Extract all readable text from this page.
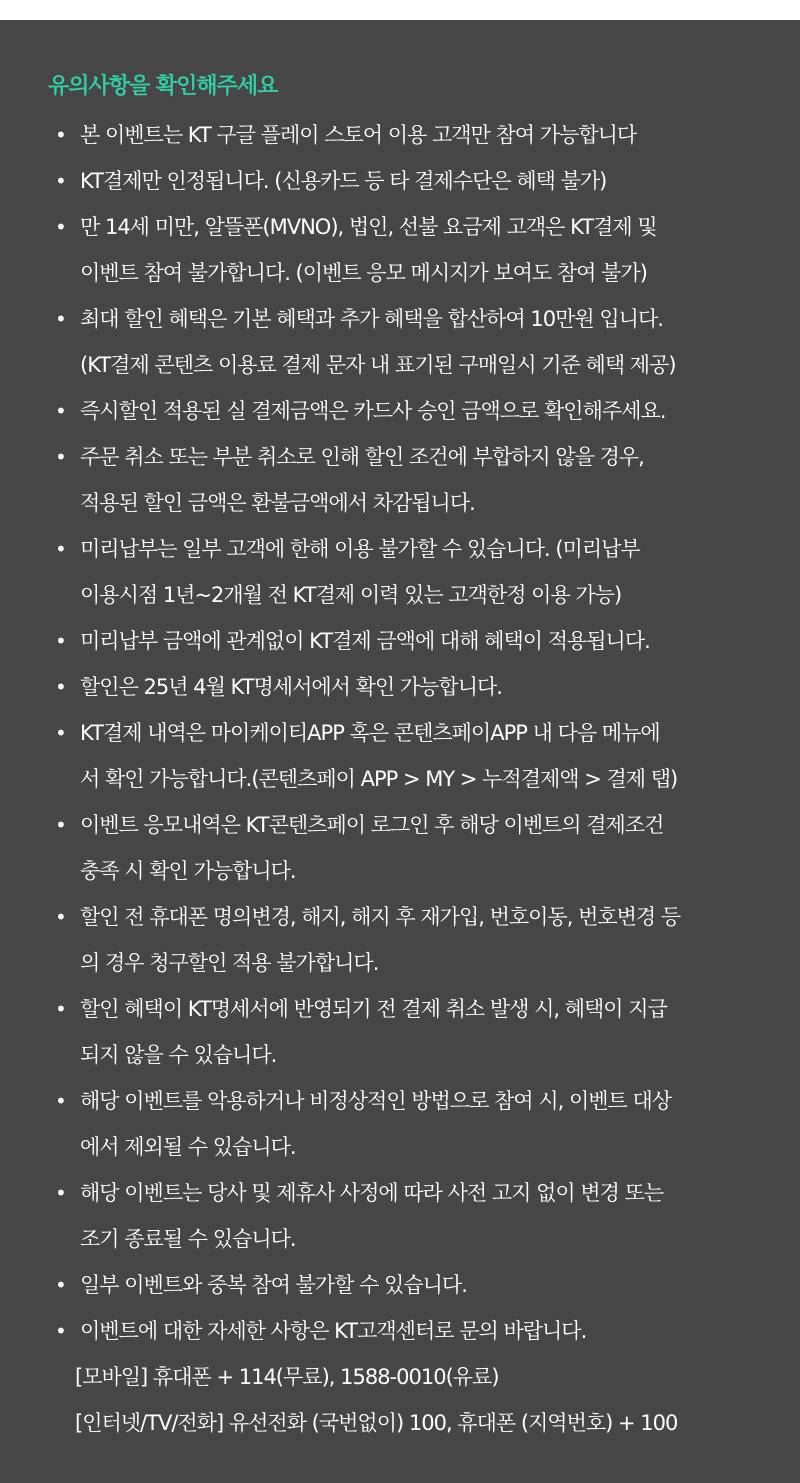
유의사항을 확인해주세요
• 본 이벤트는 KT 구글 플레이 스토어 이용 고객만 참여 가능합니다
• KT결제만 인정됩니다. (신용카드 등 타 결제수단은 혜택 불가)
• 만 14세 미만, 알뜰폰(MVNO), 법인, 선불 요금제 고객은 KT결제 및
이벤트 참여 불가합니다. (이벤트 응모 메시지가 보여도 참여 불가)
• 최대 할인 혜택은 기본 혜택과 추가 혜택을 합산하여 10만원 입니다.
(KT결제 콘텐츠 이용료 결제 문자 내 표기된 구매일시 기준 혜택 제공)
• 즉시할인 적용된 실 결제금액은 카드사 승인 금액으로 확인해주세요.
• 주문 취소 또는 부분 취소로 인해 할인 조건에 부합하지 않을 경우,
적용된 할인 금액은 환불금액에서 차감됩니다.
• 미리납부는 일부 고객에 한해 이용 불가할 수 있습니다. (미리납부
이용시점 1년~2개월 전 KT결제 이력 있는 고객한정 이용 가능)
• 미리납부 금액에 관계없이 KT결제 금액에 대해 혜택이 적용됩니다.
• 할인은 25년 4월 KT명세서에서 확인 가능합니다.
• KT결제 내역은 마이케이티APP 혹은 콘텐츠페이APP 내 다음 메뉴에
서 확인 가능합니다.(콘텐츠페이 APP > MY > 누적결제액 > 결제 탭)
• 이벤트 응모내역은 KT콘텐츠페이 로그인 후 해당 이벤트의 결제조건
충족 시 확인 가능합니다.
• 할인 전 휴대폰 명의변경, 해지, 해지 후 재가입, 번호이동, 번호변경 등
의 경우 청구할인 적용 불가합니다.
• 할인 혜택이 KT명세서에 반영되기 전 결제 취소 발생 시, 혜택이 지급
되지 않을 수 있습니다.
• 해당 이벤트를 악용하거나 비정상적인 방법으로 참여 시, 이벤트 대상
에서 제외될 수 있습니다.
• 해당 이벤트는 당사 및 제휴사 사정에 따라 사전 고지 없이 변경 또는
조기 종료될 수 있습니다.
• 일부 이벤트와 중복 참여 불가할 수 있습니다.
• 이벤트에 대한 자세한 사항은 KT고객센터로 문의 바랍니다.
[모바일] 휴대폰 + 114(무료), 1588-0010(유료)
[인터넷/TV/전화] 유선전화 (국번없이) 100, 휴대폰 (지역번호) + 100
